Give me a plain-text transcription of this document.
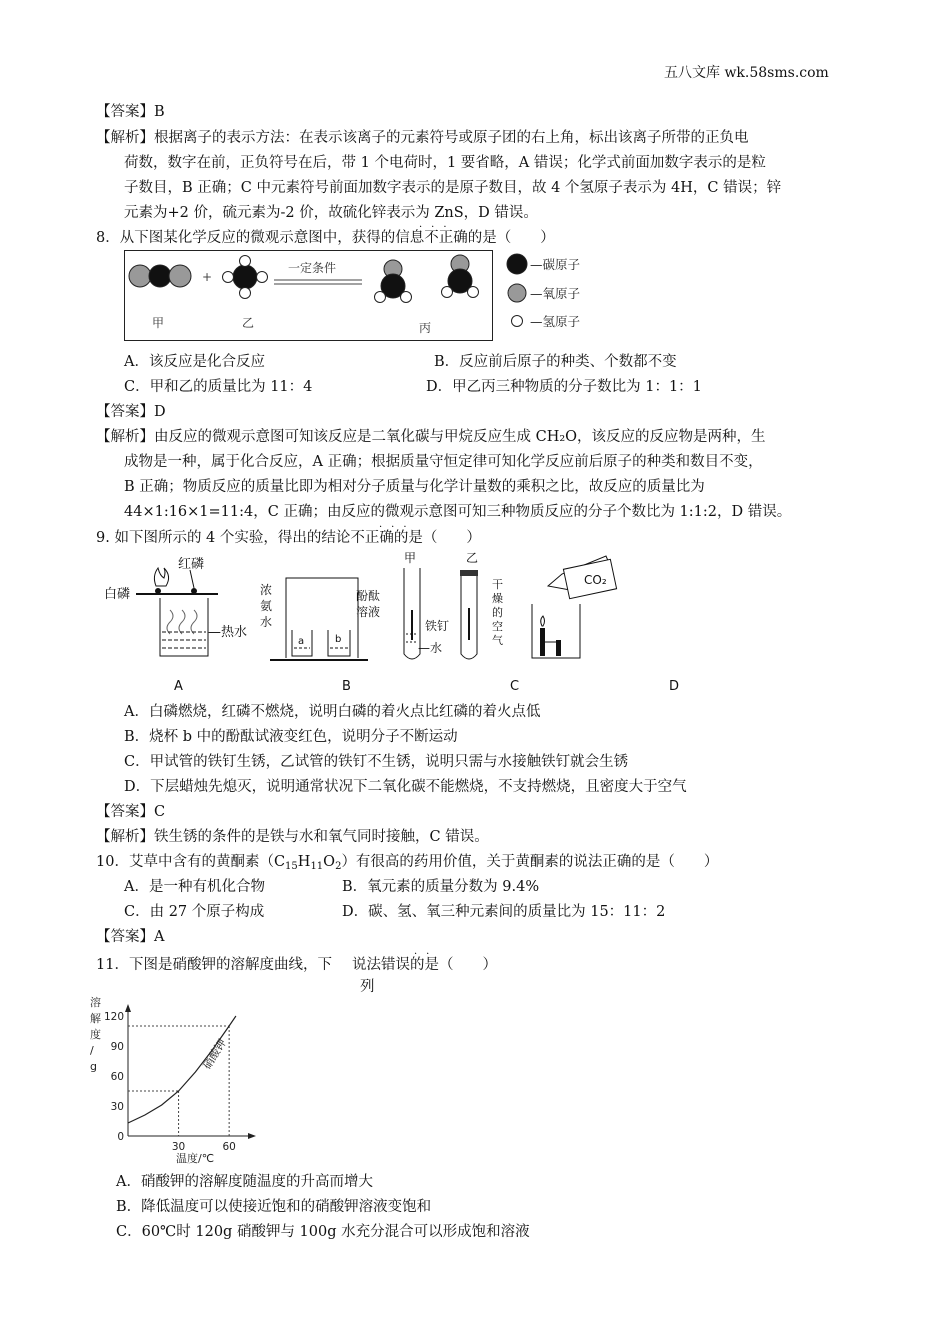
五八文库 wk.58sms.com
【答案】B
【解析】根据离子的表示方法：在表示该离子的元素符号或原子团的右上角，标出该离子所带的正负电
荷数，数字在前，正负符号在后，带 1 个电荷时，1 要省略，A 错误；化学式前面加数字表示的是粒
子数目，B 正确；C 中元素符号前面加数字表示的是原子数目，故 4 个氢原子表示为 4H，C 错误；锌
元素为+2 价，硫元素为-2 价，故硫化锌表示为 ZnS，D 错误。
8．从下图某化学反应的微观示意图中，获得的信息不正确的是（　　）
···
+
一定条件
甲	乙	丙
—碳原子
—氧原子
—氢原子
A．该反应是化合反应	B．反应前后原子的种类、个数都不变
C．甲和乙的质量比为 11：4	D．甲乙丙三种物质的分子数比为 1：1：1
【答案】D
【解析】由反应的微观示意图可知该反应是二氧化碳与甲烷反应生成 CH₂O，该反应的反应物是两种，生
成物是一种，属于化合反应，A 正确；根据质量守恒定律可知化学反应前后原子的种类和数目不变，
B 正确；物质反应的质量比即为相对分子质量与化学计量数的乘积之比，故反应的质量比为
44×1:16×1=11:4，C 正确；由反应的微观示意图可知三种物质反应的分子个数比为 1:1:2，D 错误。
9. 如下图所示的 4 个实验，得出的结论不正确的是（　　）
···
白磷
红磷
—热水
浓
氨
水
a	b
酚酞
溶液
甲
铁钉
—水
乙
干
燥
的
空
气
CO₂
A	B	C	D
A．白磷燃烧，红磷不燃烧，说明白磷的着火点比红磷的着火点低
B．烧杯 b 中的酚酞试液变红色，说明分子不断运动
C．甲试管的铁钉生锈，乙试管的铁钉不生锈，说明只需与水接触铁钉就会生锈
D．下层蜡烛先熄灭，说明通常状况下二氧化碳不能燃烧，不支持燃烧，且密度大于空气
【答案】C
【解析】铁生锈的条件的是铁与水和氧气同时接触，C 错误。
10．艾草中含有的黄酮素$(C_{15}H_{11}O_2)$有很高的药用价值，关于黄酮素的说法正确的是（　　）
A．是一种有机化合物	B．氧元素的质量分数为 9.4%
C．由 27 个原子构成	D．碳、氢、氧三种元素间的质量比为 15：11：2
【答案】A
11．下图是硝酸钾的溶解度曲线，下 说法错误的是（　　）
··
列
溶
解
度
/
g
0
30
60
90
120
30	60
硝酸钾
温度/℃
A．硝酸钾的溶解度随温度的升高而增大
B．降低温度可以使接近饱和的硝酸钾溶液变饱和
C．60℃时 120g 硝酸钾与 100g 水充分混合可以形成饱和溶液
